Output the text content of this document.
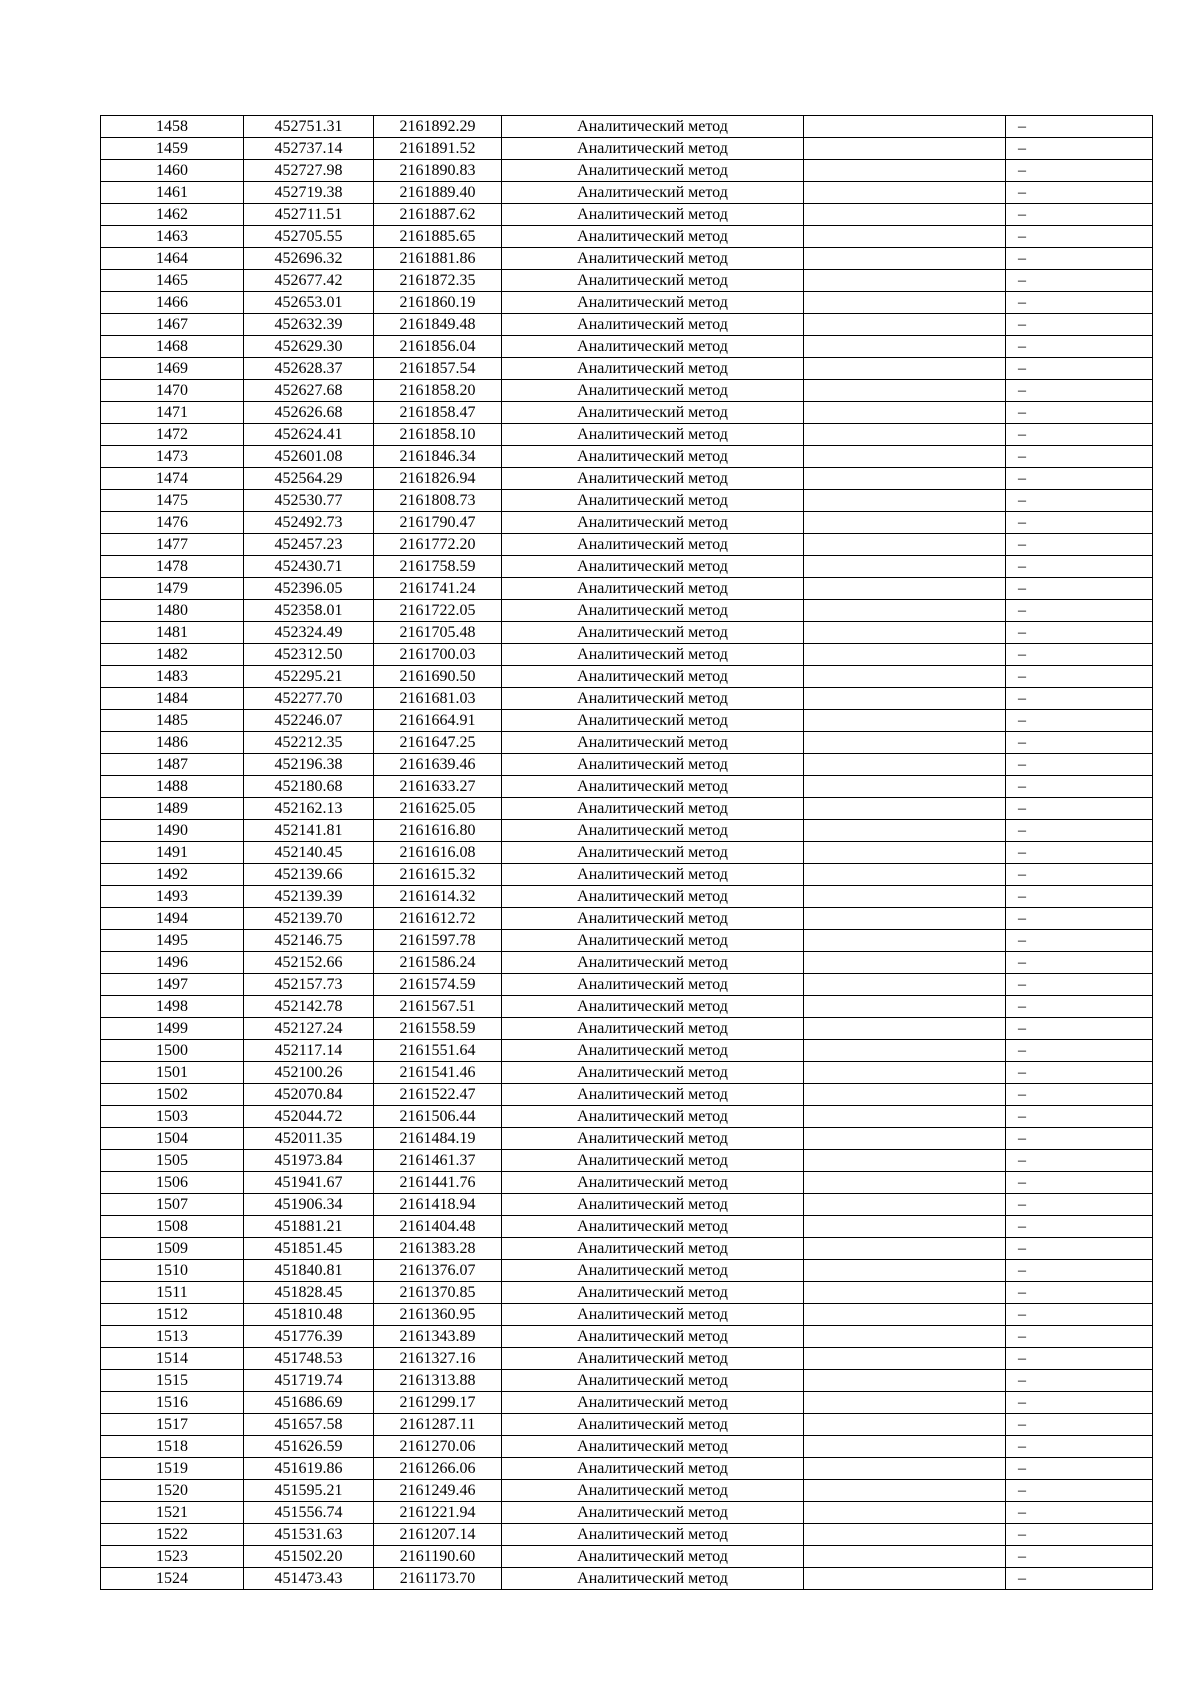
1458	452751.31	2161892.29	Аналитический метод		–
1459	452737.14	2161891.52	Аналитический метод		–
1460	452727.98	2161890.83	Аналитический метод		–
1461	452719.38	2161889.40	Аналитический метод		–
1462	452711.51	2161887.62	Аналитический метод		–
1463	452705.55	2161885.65	Аналитический метод		–
1464	452696.32	2161881.86	Аналитический метод		–
1465	452677.42	2161872.35	Аналитический метод		–
1466	452653.01	2161860.19	Аналитический метод		–
1467	452632.39	2161849.48	Аналитический метод		–
1468	452629.30	2161856.04	Аналитический метод		–
1469	452628.37	2161857.54	Аналитический метод		–
1470	452627.68	2161858.20	Аналитический метод		–
1471	452626.68	2161858.47	Аналитический метод		–
1472	452624.41	2161858.10	Аналитический метод		–
1473	452601.08	2161846.34	Аналитический метод		–
1474	452564.29	2161826.94	Аналитический метод		–
1475	452530.77	2161808.73	Аналитический метод		–
1476	452492.73	2161790.47	Аналитический метод		–
1477	452457.23	2161772.20	Аналитический метод		–
1478	452430.71	2161758.59	Аналитический метод		–
1479	452396.05	2161741.24	Аналитический метод		–
1480	452358.01	2161722.05	Аналитический метод		–
1481	452324.49	2161705.48	Аналитический метод		–
1482	452312.50	2161700.03	Аналитический метод		–
1483	452295.21	2161690.50	Аналитический метод		–
1484	452277.70	2161681.03	Аналитический метод		–
1485	452246.07	2161664.91	Аналитический метод		–
1486	452212.35	2161647.25	Аналитический метод		–
1487	452196.38	2161639.46	Аналитический метод		–
1488	452180.68	2161633.27	Аналитический метод		–
1489	452162.13	2161625.05	Аналитический метод		–
1490	452141.81	2161616.80	Аналитический метод		–
1491	452140.45	2161616.08	Аналитический метод		–
1492	452139.66	2161615.32	Аналитический метод		–
1493	452139.39	2161614.32	Аналитический метод		–
1494	452139.70	2161612.72	Аналитический метод		–
1495	452146.75	2161597.78	Аналитический метод		–
1496	452152.66	2161586.24	Аналитический метод		–
1497	452157.73	2161574.59	Аналитический метод		–
1498	452142.78	2161567.51	Аналитический метод		–
1499	452127.24	2161558.59	Аналитический метод		–
1500	452117.14	2161551.64	Аналитический метод		–
1501	452100.26	2161541.46	Аналитический метод		–
1502	452070.84	2161522.47	Аналитический метод		–
1503	452044.72	2161506.44	Аналитический метод		–
1504	452011.35	2161484.19	Аналитический метод		–
1505	451973.84	2161461.37	Аналитический метод		–
1506	451941.67	2161441.76	Аналитический метод		–
1507	451906.34	2161418.94	Аналитический метод		–
1508	451881.21	2161404.48	Аналитический метод		–
1509	451851.45	2161383.28	Аналитический метод		–
1510	451840.81	2161376.07	Аналитический метод		–
1511	451828.45	2161370.85	Аналитический метод		–
1512	451810.48	2161360.95	Аналитический метод		–
1513	451776.39	2161343.89	Аналитический метод		–
1514	451748.53	2161327.16	Аналитический метод		–
1515	451719.74	2161313.88	Аналитический метод		–
1516	451686.69	2161299.17	Аналитический метод		–
1517	451657.58	2161287.11	Аналитический метод		–
1518	451626.59	2161270.06	Аналитический метод		–
1519	451619.86	2161266.06	Аналитический метод		–
1520	451595.21	2161249.46	Аналитический метод		–
1521	451556.74	2161221.94	Аналитический метод		–
1522	451531.63	2161207.14	Аналитический метод		–
1523	451502.20	2161190.60	Аналитический метод		–
1524	451473.43	2161173.70	Аналитический метод		–
